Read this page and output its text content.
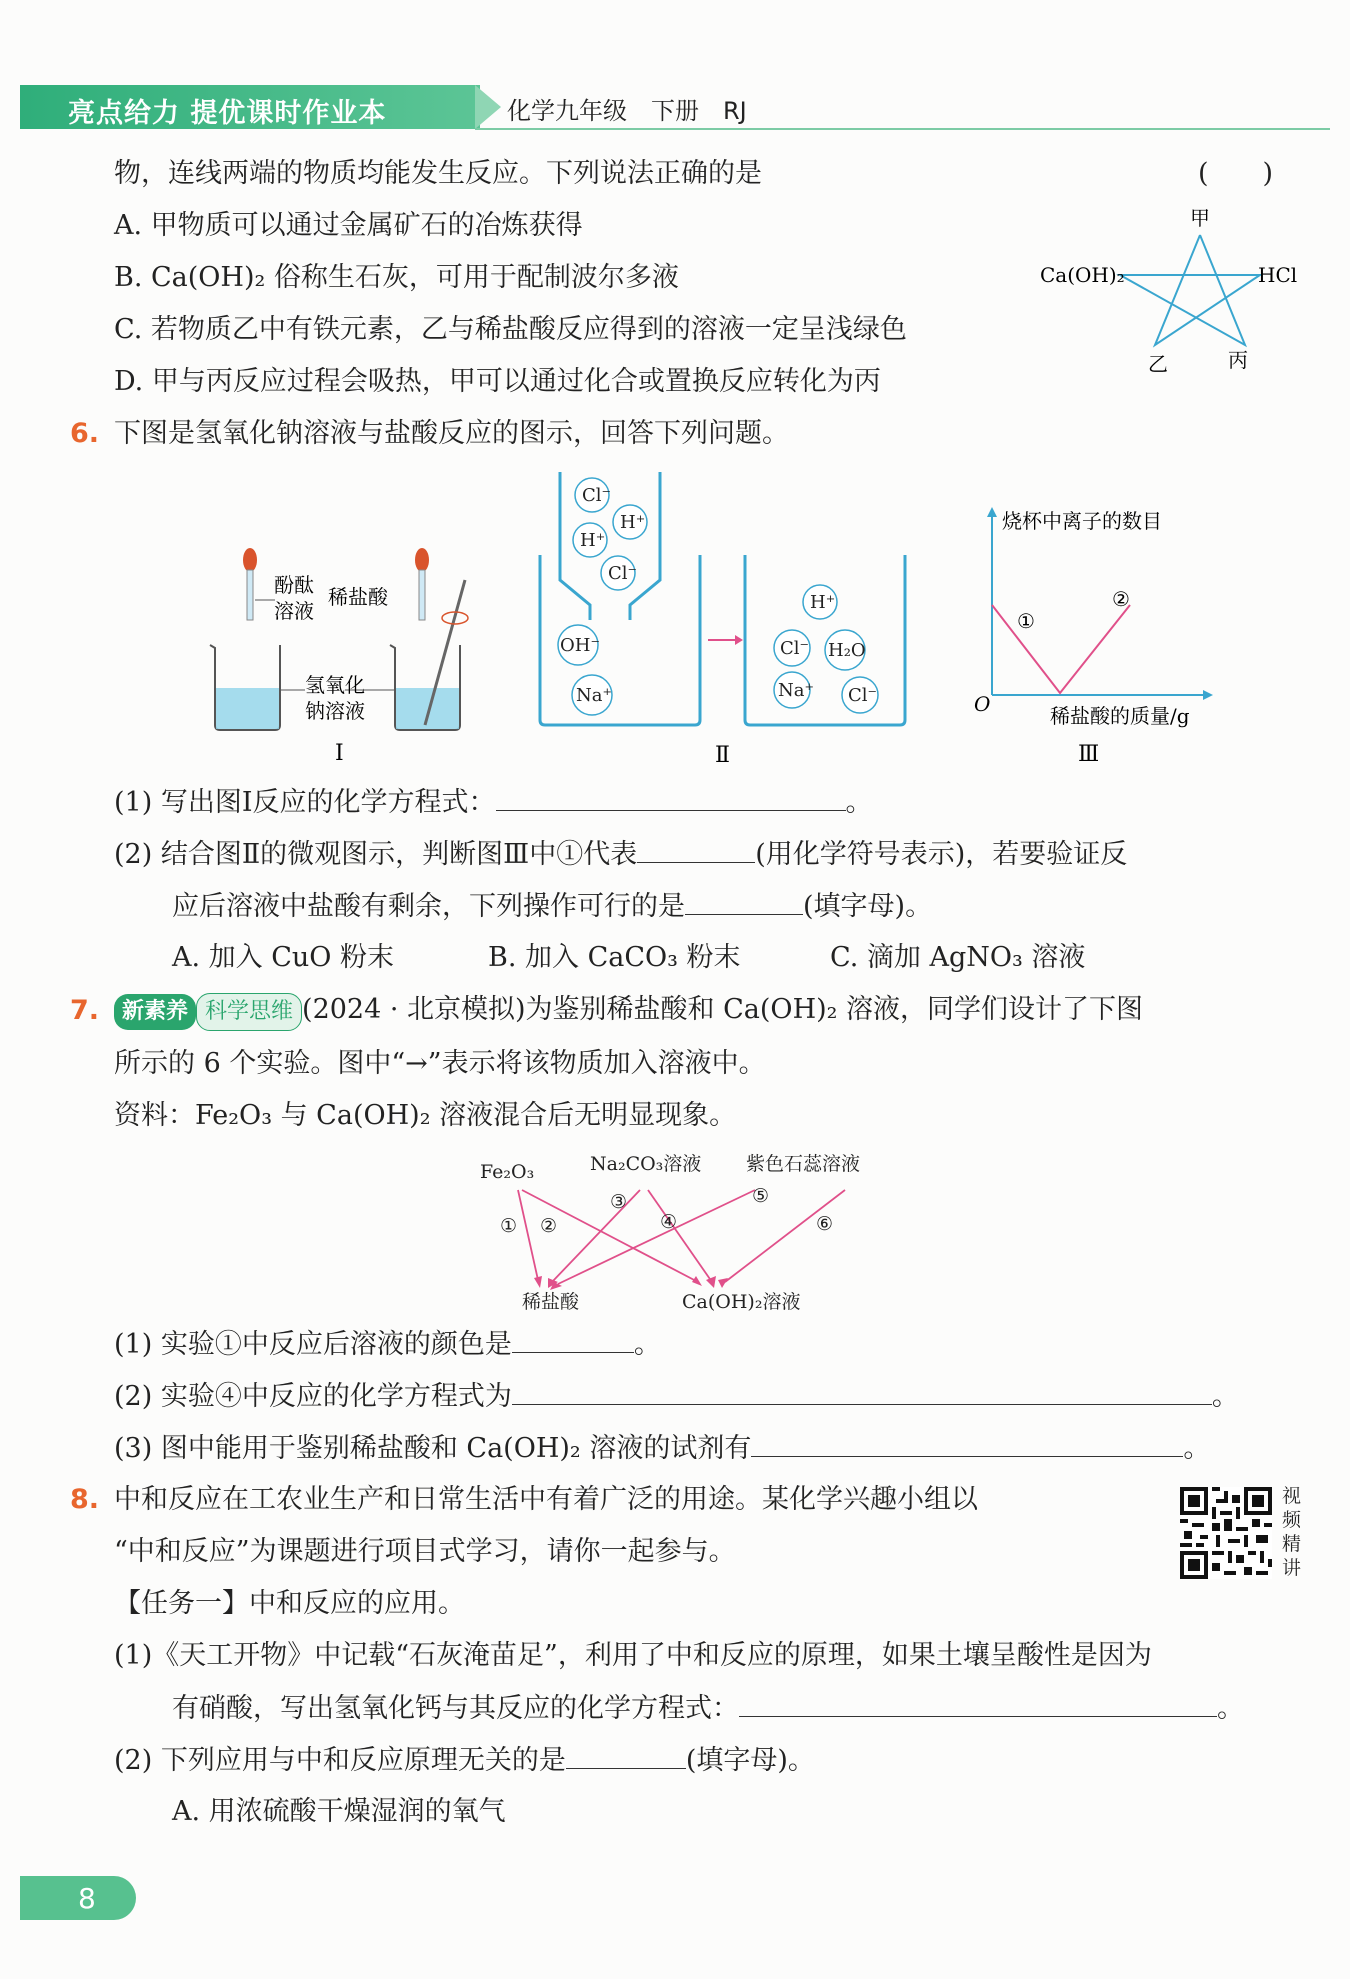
亮点给力 提优课时作业本	化学九年级　下册　RJ
物，连线两端的物质均能发生反应。下列说法正确的是	(　　)
A. 甲物质可以通过金属矿石的冶炼获得
B. Ca(OH)₂ 俗称生石灰，可用于配制波尔多液
C. 若物质乙中有铁元素，乙与稀盐酸反应得到的溶液一定呈浅绿色
D. 甲与丙反应过程会吸热，甲可以通过化合或置换反应转化为丙
甲
Ca(OH)₂	HCl
乙	丙
6. 下图是氢氧化钠溶液与盐酸反应的图示，回答下列问题。
酚酞
溶液
稀盐酸
氢氧化
钠溶液
Ⅰ
Cl⁻
H⁺
H⁺
Cl⁻
OH⁻
Na⁺
H⁺
Cl⁻ H₂O
Na⁺ Cl⁻
Ⅱ
烧杯中离子的数目
O	稀盐酸的质量/g
①
②
Ⅲ
(1) 写出图Ⅰ反应的化学方程式：	。
(2) 结合图Ⅱ的微观图示，判断图Ⅲ中①代表	(用化学符号表示)，若要验证反
应后溶液中盐酸有剩余，下列操作可行的是	(填字母)。
A. 加入 CuO 粉末	B. 加入 CaCO₃ 粉末	C. 滴加 AgNO₃ 溶液
7.	新素养 科学思维 (2024 · 北京模拟)为鉴别稀盐酸和 Ca(OH)₂ 溶液，同学们设计了下图
所示的 6 个实验。图中“→”表示将该物质加入溶液中。
资料：Fe₂O₃ 与 Ca(OH)₂ 溶液混合后无明显现象。
Fe₂O₃	Na₂CO₃溶液 紫色石蕊溶液
稀盐酸	Ca(OH)₂溶液
① ②
③
④
⑤
⑥
(1) 实验①中反应后溶液的颜色是	。
(2) 实验④中反应的化学方程式为	。
(3) 图中能用于鉴别稀盐酸和 Ca(OH)₂ 溶液的试剂有	。
8. 中和反应在工农业生产和日常生活中有着广泛的用途。某化学兴趣小组以
“中和反应”为课题进行项目式学习，请你一起参与。
视频精讲
【任务一】中和反应的应用。
(1)《天工开物》中记载“石灰淹苗足”，利用了中和反应的原理，如果土壤呈酸性是因为
有硝酸，写出氢氧化钙与其反应的化学方程式：	。
(2) 下列应用与中和反应原理无关的是	(填字母)。
A. 用浓硫酸干燥湿润的氧气
8
